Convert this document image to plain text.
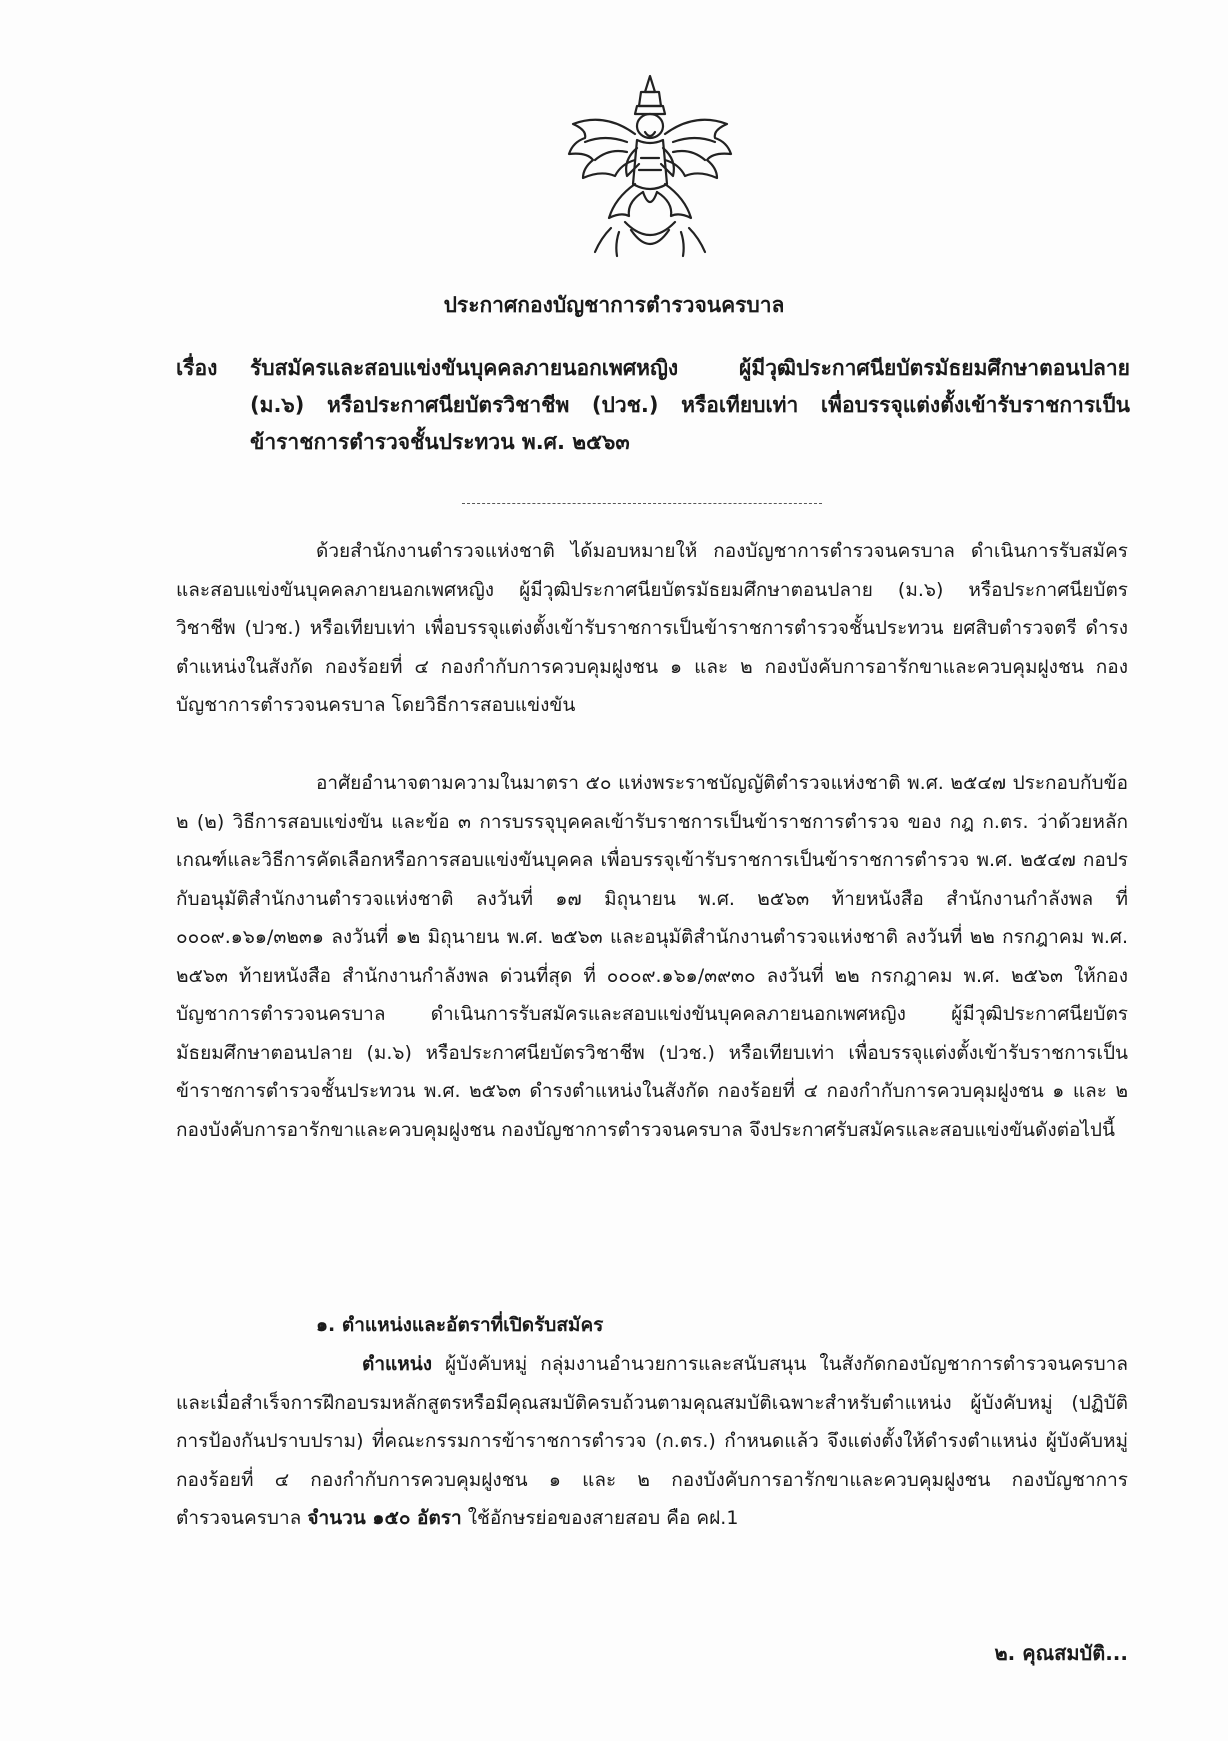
ประกาศกองบัญชาการตำรวจนครบาล
เรื่อง รับสมัครและสอบแข่งขันบุคคลภายนอกเพศหญิง ผู้มีวุฒิประกาศนียบัตรมัธยมศึกษาตอนปลาย (ม.๖) หรือประกาศนียบัตรวิชาชีพ (ปวช.) หรือเทียบเท่า เพื่อบรรจุแต่งตั้งเข้ารับราชการเป็นข้าราชการตำรวจชั้นประทวน พ.ศ. ๒๕๖๓
ด้วยสำนักงานตำรวจแห่งชาติ ได้มอบหมายให้ กองบัญชาการตำรวจนครบาล ดำเนินการรับสมัครและสอบแข่งขันบุคคลภายนอกเพศหญิง ผู้มีวุฒิประกาศนียบัตรมัธยมศึกษาตอนปลาย (ม.๖) หรือประกาศนียบัตรวิชาชีพ (ปวช.) หรือเทียบเท่า เพื่อบรรจุแต่งตั้งเข้ารับราชการเป็นข้าราชการตำรวจชั้นประทวน ยศสิบตำรวจตรี ดำรงตำแหน่งในสังกัด กองร้อยที่ ๔ กองกำกับการควบคุมฝูงชน ๑ และ ๒ กองบังคับการอารักขาและควบคุมฝูงชน กองบัญชาการตำรวจนครบาล โดยวิธีการสอบแข่งขัน
อาศัยอำนาจตามความในมาตรา ๕๐ แห่งพระราชบัญญัติตำรวจแห่งชาติ พ.ศ. ๒๕๔๗ ประกอบกับข้อ ๒ (๒) วิธีการสอบแข่งขัน และข้อ ๓ การบรรจุบุคคลเข้ารับราชการเป็นข้าราชการตำรวจ ของ กฎ ก.ตร. ว่าด้วยหลักเกณฑ์และวิธีการคัดเลือกหรือการสอบแข่งขันบุคคล เพื่อบรรจุเข้ารับราชการเป็นข้าราชการตำรวจ พ.ศ. ๒๕๔๗ กอปรกับอนุมัติสำนักงานตำรวจแห่งชาติ ลงวันที่ ๑๗ มิถุนายน พ.ศ. ๒๕๖๓ ท้ายหนังสือ สำนักงานกำลังพล ที่ ๐๐๐๙.๑๖๑/๓๒๓๑ ลงวันที่ ๑๒ มิถุนายน พ.ศ. ๒๕๖๓ และอนุมัติสำนักงานตำรวจแห่งชาติ ลงวันที่ ๒๒ กรกฎาคม พ.ศ. ๒๕๖๓ ท้ายหนังสือ สำนักงานกำลังพล ด่วนที่สุด ที่ ๐๐๐๙.๑๖๑/๓๙๓๐ ลงวันที่ ๒๒ กรกฎาคม พ.ศ. ๒๕๖๓ ให้กองบัญชาการตำรวจนครบาล ดำเนินการรับสมัครและสอบแข่งขันบุคคลภายนอกเพศหญิง ผู้มีวุฒิประกาศนียบัตรมัธยมศึกษาตอนปลาย (ม.๖) หรือประกาศนียบัตรวิชาชีพ (ปวช.) หรือเทียบเท่า เพื่อบรรจุแต่งตั้งเข้ารับราชการเป็นข้าราชการตำรวจชั้นประทวน พ.ศ. ๒๕๖๓ ดำรงตำแหน่งในสังกัด กองร้อยที่ ๔ กองกำกับการควบคุมฝูงชน ๑ และ ๒ กองบังคับการอารักขาและควบคุมฝูงชน กองบัญชาการตำรวจนครบาล จึงประกาศรับสมัครและสอบแข่งขันดังต่อไปนี้
๑. ตำแหน่งและอัตราที่เปิดรับสมัคร
ตำแหน่ง ผู้บังคับหมู่ กลุ่มงานอำนวยการและสนับสนุน ในสังกัดกองบัญชาการตำรวจนครบาล และเมื่อสำเร็จการฝึกอบรมหลักสูตรหรือมีคุณสมบัติครบถ้วนตามคุณสมบัติเฉพาะสำหรับตำแหน่ง ผู้บังคับหมู่ (ปฏิบัติการป้องกันปราบปราม) ที่คณะกรรมการข้าราชการตำรวจ (ก.ตร.) กำหนดแล้ว จึงแต่งตั้งให้ดำรงตำแหน่ง ผู้บังคับหมู่ กองร้อยที่ ๔ กองกำกับการควบคุมฝูงชน ๑ และ ๒ กองบังคับการอารักขาและควบคุมฝูงชน กองบัญชาการตำรวจนครบาล จำนวน ๑๕๐ อัตรา ใช้อักษรย่อของสายสอบ คือ คฝ.1
๒. คุณสมบัติ...
